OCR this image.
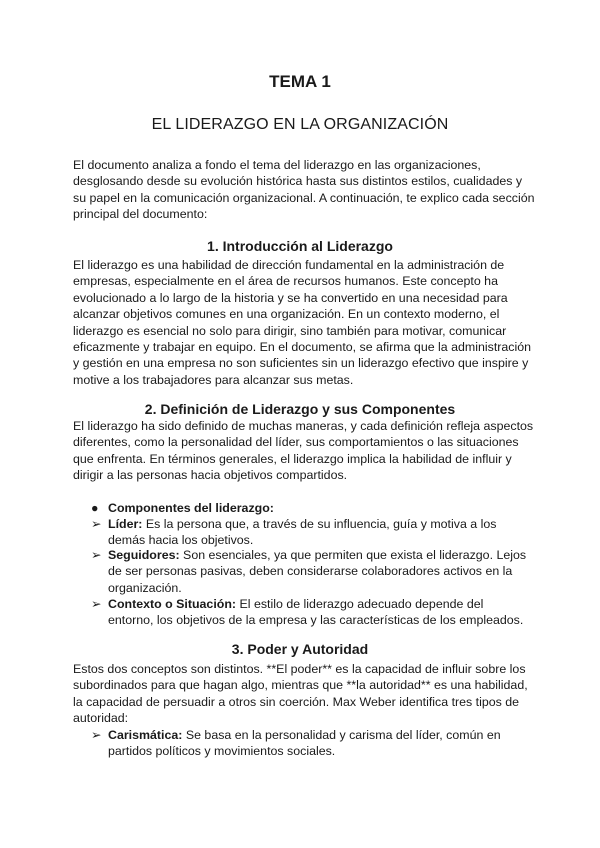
TEMA 1
EL LIDERAZGO EN LA ORGANIZACIÓN
El documento analiza a fondo el tema del liderazgo en las organizaciones, desglosando desde su evolución histórica hasta sus distintos estilos, cualidades y su papel en la comunicación organizacional. A continuación, te explico cada sección principal del documento:
1. Introducción al Liderazgo
El liderazgo es una habilidad de dirección fundamental en la administración de empresas, especialmente en el área de recursos humanos. Este concepto ha evolucionado a lo largo de la historia y se ha convertido en una necesidad para alcanzar objetivos comunes en una organización. En un contexto moderno, el liderazgo es esencial no solo para dirigir, sino también para motivar, comunicar eficazmente y trabajar en equipo. En el documento, se afirma que la administración y gestión en una empresa no son suficientes sin un liderazgo efectivo que inspire y motive a los trabajadores para alcanzar sus metas.
2. Definición de Liderazgo y sus Componentes
El liderazgo ha sido definido de muchas maneras, y cada definición refleja aspectos diferentes, como la personalidad del líder, sus comportamientos o las situaciones que enfrenta. En términos generales, el liderazgo implica la habilidad de influir y dirigir a las personas hacia objetivos compartidos.
● Componentes del liderazgo:
➢ Líder: Es la persona que, a través de su influencia, guía y motiva a los demás hacia los objetivos.
➢ Seguidores: Son esenciales, ya que permiten que exista el liderazgo. Lejos de ser personas pasivas, deben considerarse colaboradores activos en la organización.
➢ Contexto o Situación: El estilo de liderazgo adecuado depende del entorno, los objetivos de la empresa y las características de los empleados.
3. Poder y Autoridad
Estos dos conceptos son distintos. **El poder** es la capacidad de influir sobre los subordinados para que hagan algo, mientras que **la autoridad** es una habilidad, la capacidad de persuadir a otros sin coerción. Max Weber identifica tres tipos de autoridad:
➢ Carismática: Se basa en la personalidad y carisma del líder, común en partidos políticos y movimientos sociales.
